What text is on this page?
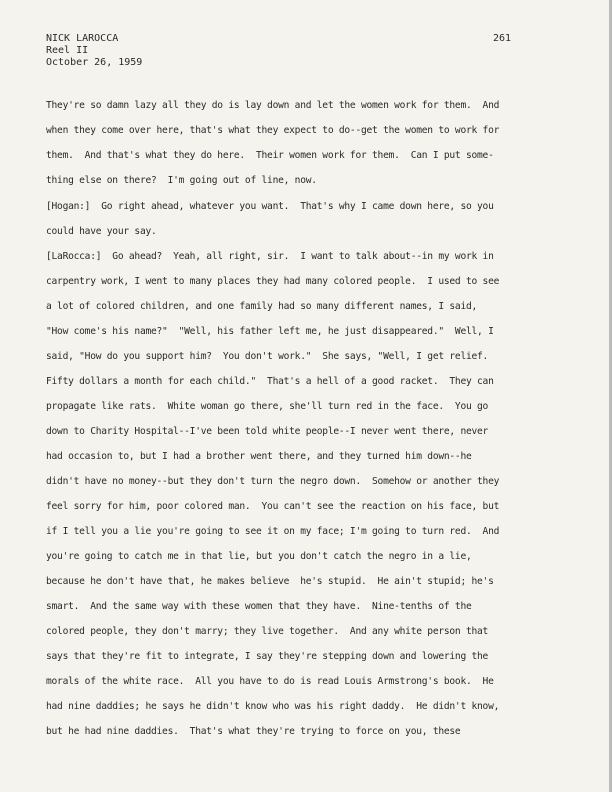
NICK LAROCCA
Reel II
October 26, 1959
261
They're so damn lazy all they do is lay down and let the women work for them.  And
when they come over here, that's what they expect to do--get the women to work for
them.  And that's what they do here.  Their women work for them.  Can I put some-
thing else on there?  I'm going out of line, now.
[Hogan:]  Go right ahead, whatever you want.  That's why I came down here, so you
could have your say.
[LaRocca:]  Go ahead?  Yeah, all right, sir.  I want to talk about--in my work in
carpentry work, I went to many places they had many colored people.  I used to see
a lot of colored children, and one family had so many different names, I said,
"How come's his name?"  "Well, his father left me, he just disappeared."  Well, I
said, "How do you support him?  You don't work."  She says, "Well, I get relief.
Fifty dollars a month for each child."  That's a hell of a good racket.  They can
propagate like rats.  White woman go there, she'll turn red in the face.  You go
down to Charity Hospital--I've been told white people--I never went there, never
had occasion to, but I had a brother went there, and they turned him down--he
didn't have no money--but they don't turn the negro down.  Somehow or another they
feel sorry for him, poor colored man.  You can't see the reaction on his face, but
if I tell you a lie you're going to see it on my face; I'm going to turn red.  And
you're going to catch me in that lie, but you don't catch the negro in a lie,
because he don't have that, he makes believe  he's stupid.  He ain't stupid; he's
smart.  And the same way with these women that they have.  Nine-tenths of the
colored people, they don't marry; they live together.  And any white person that
says that they're fit to integrate, I say they're stepping down and lowering the
morals of the white race.  All you have to do is read Louis Armstrong's book.  He
had nine daddies; he says he didn't know who was his right daddy.  He didn't know,
but he had nine daddies.  That's what they're trying to force on you, these
